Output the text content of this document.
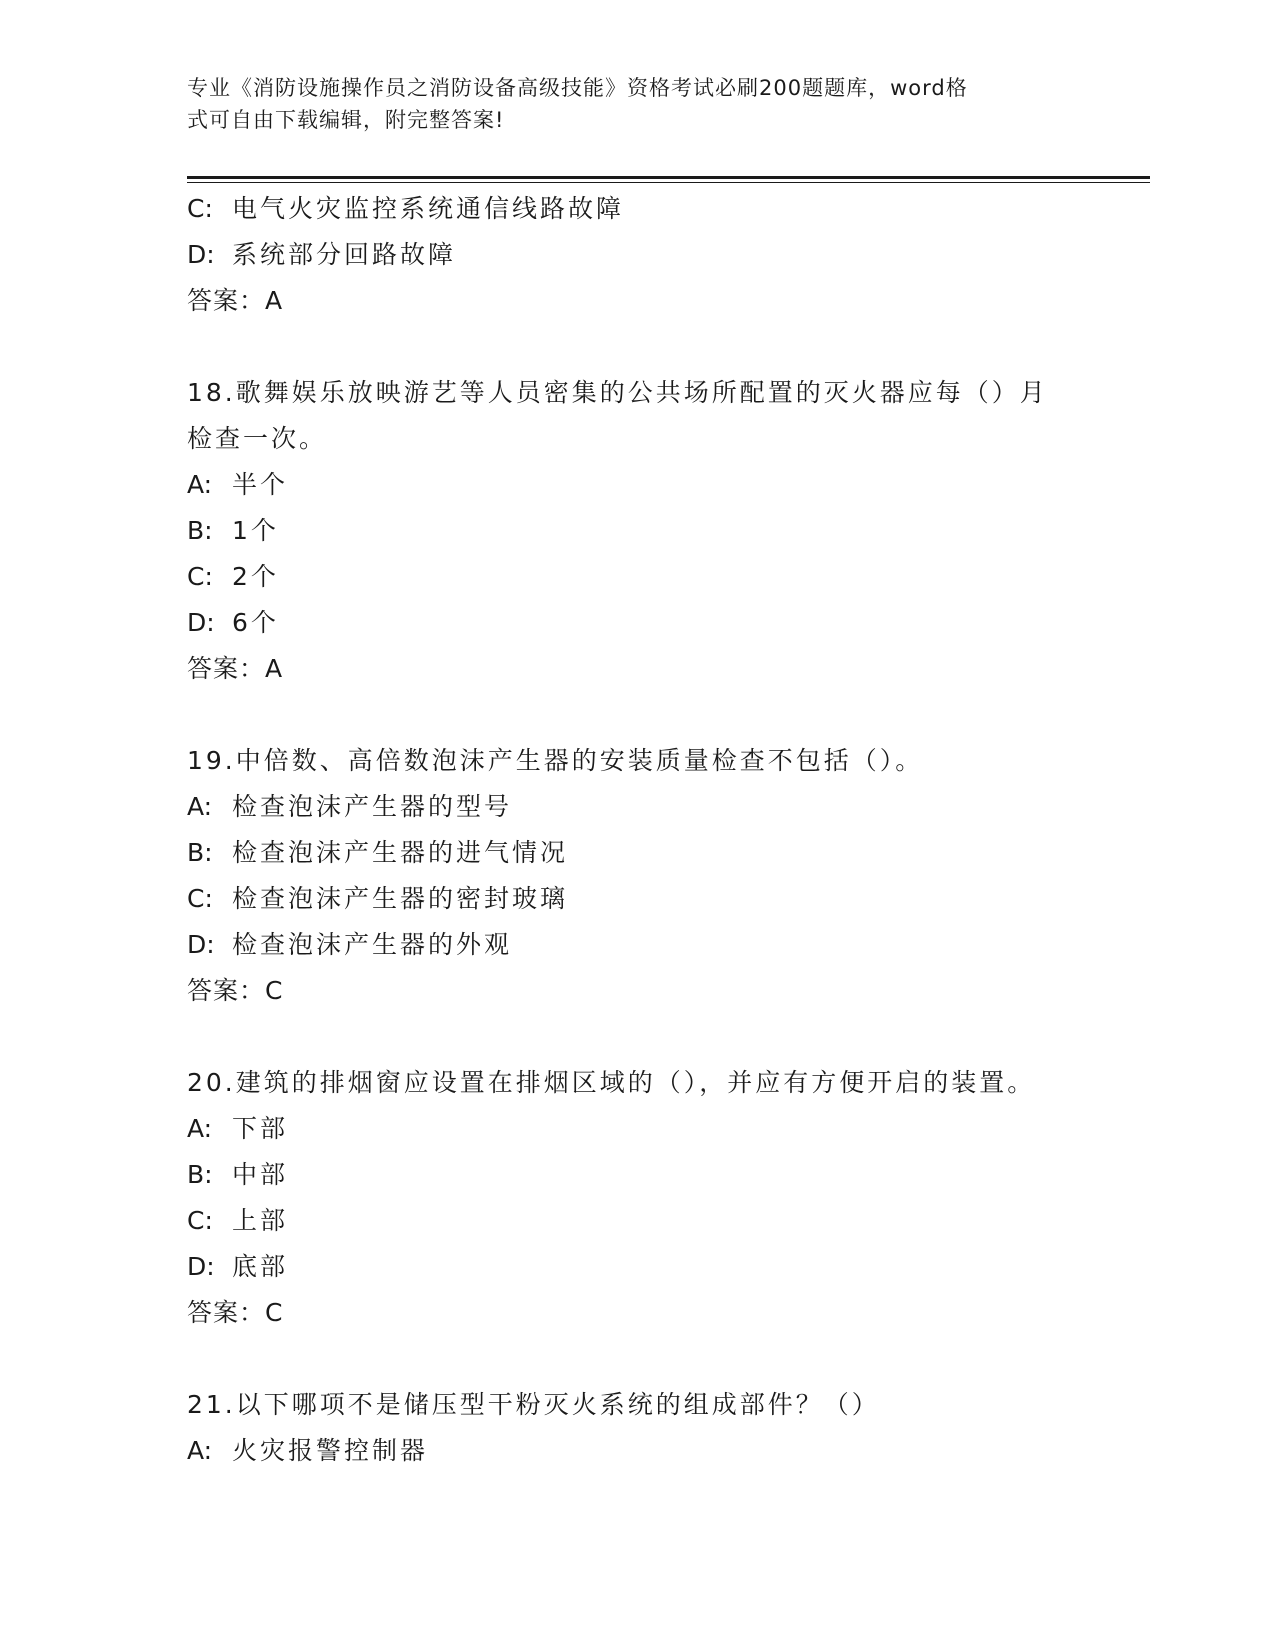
专业《消防设施操作员之消防设备高级技能》资格考试必刷200题题库，word格
式可自由下载编辑，附完整答案!
C: 电气火灾监控系统通信线路故障
D: 系统部分回路故障
答案：A
18.歌舞娱乐放映游艺等人员密集的公共场所配置的灭火器应每（）月
检查一次。
A: 半个
B: 1个
C: 2个
D: 6个
答案：A
19.中倍数、高倍数泡沫产生器的安装质量检查不包括（）。
A: 检查泡沫产生器的型号
B: 检查泡沫产生器的进气情况
C: 检查泡沫产生器的密封玻璃
D: 检查泡沫产生器的外观
答案：C
20.建筑的排烟窗应设置在排烟区域的（），并应有方便开启的装置。
A: 下部
B: 中部
C: 上部
D: 底部
答案：C
21.以下哪项不是储压型干粉灭火系统的组成部件？（）
A: 火灾报警控制器
